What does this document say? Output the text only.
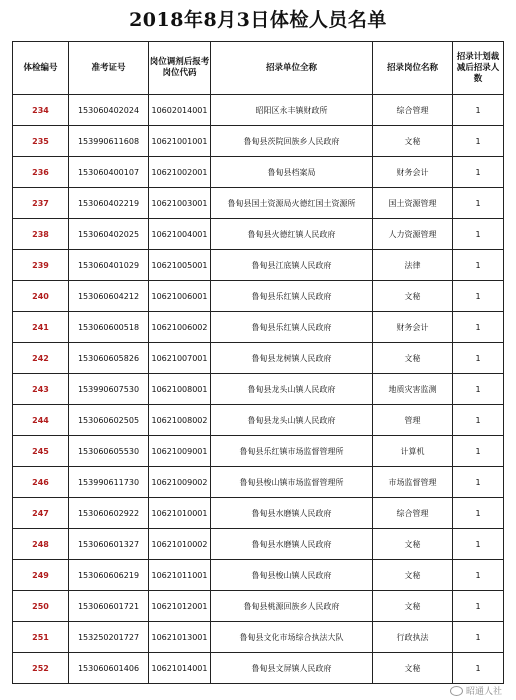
2018年8月3日体检人员名单
体检编号	准考证号	岗位调剂后报考岗位代码	招录单位全称	招录岗位名称	招录计划裁减后招录人数
234	153060402024	10602014001	昭阳区永丰镇财政所	综合管理	1
235	153990611608	10621001001	鲁甸县茨院回族乡人民政府	文秘	1
236	153060400107	10621002001	鲁甸县档案局	财务会计	1
237	153060402219	10621003001	鲁甸县国土资源局火德红国土资源所	国土资源管理	1
238	153060402025	10621004001	鲁甸县火德红镇人民政府	人力资源管理	1
239	153060401029	10621005001	鲁甸县江底镇人民政府	法律	1
240	153060604212	10621006001	鲁甸县乐红镇人民政府	文秘	1
241	153060600518	10621006002	鲁甸县乐红镇人民政府	财务会计	1
242	153060605826	10621007001	鲁甸县龙树镇人民政府	文秘	1
243	153990607530	10621008001	鲁甸县龙头山镇人民政府	地质灾害监测	1
244	153060602505	10621008002	鲁甸县龙头山镇人民政府	管理	1
245	153060605530	10621009001	鲁甸县乐红镇市场监督管理所	计算机	1
246	153990611730	10621009002	鲁甸县梭山镇市场监督管理所	市场监督管理	1
247	153060602922	10621010001	鲁甸县水磨镇人民政府	综合管理	1
248	153060601327	10621010002	鲁甸县水磨镇人民政府	文秘	1
249	153060606219	10621011001	鲁甸县梭山镇人民政府	文秘	1
250	153060601721	10621012001	鲁甸县桃源回族乡人民政府	文秘	1
251	153250201727	10621013001	鲁甸县文化市场综合执法大队	行政执法	1
252	153060601406	10621014001	鲁甸县文屏镇人民政府	文秘	1
昭通人社
